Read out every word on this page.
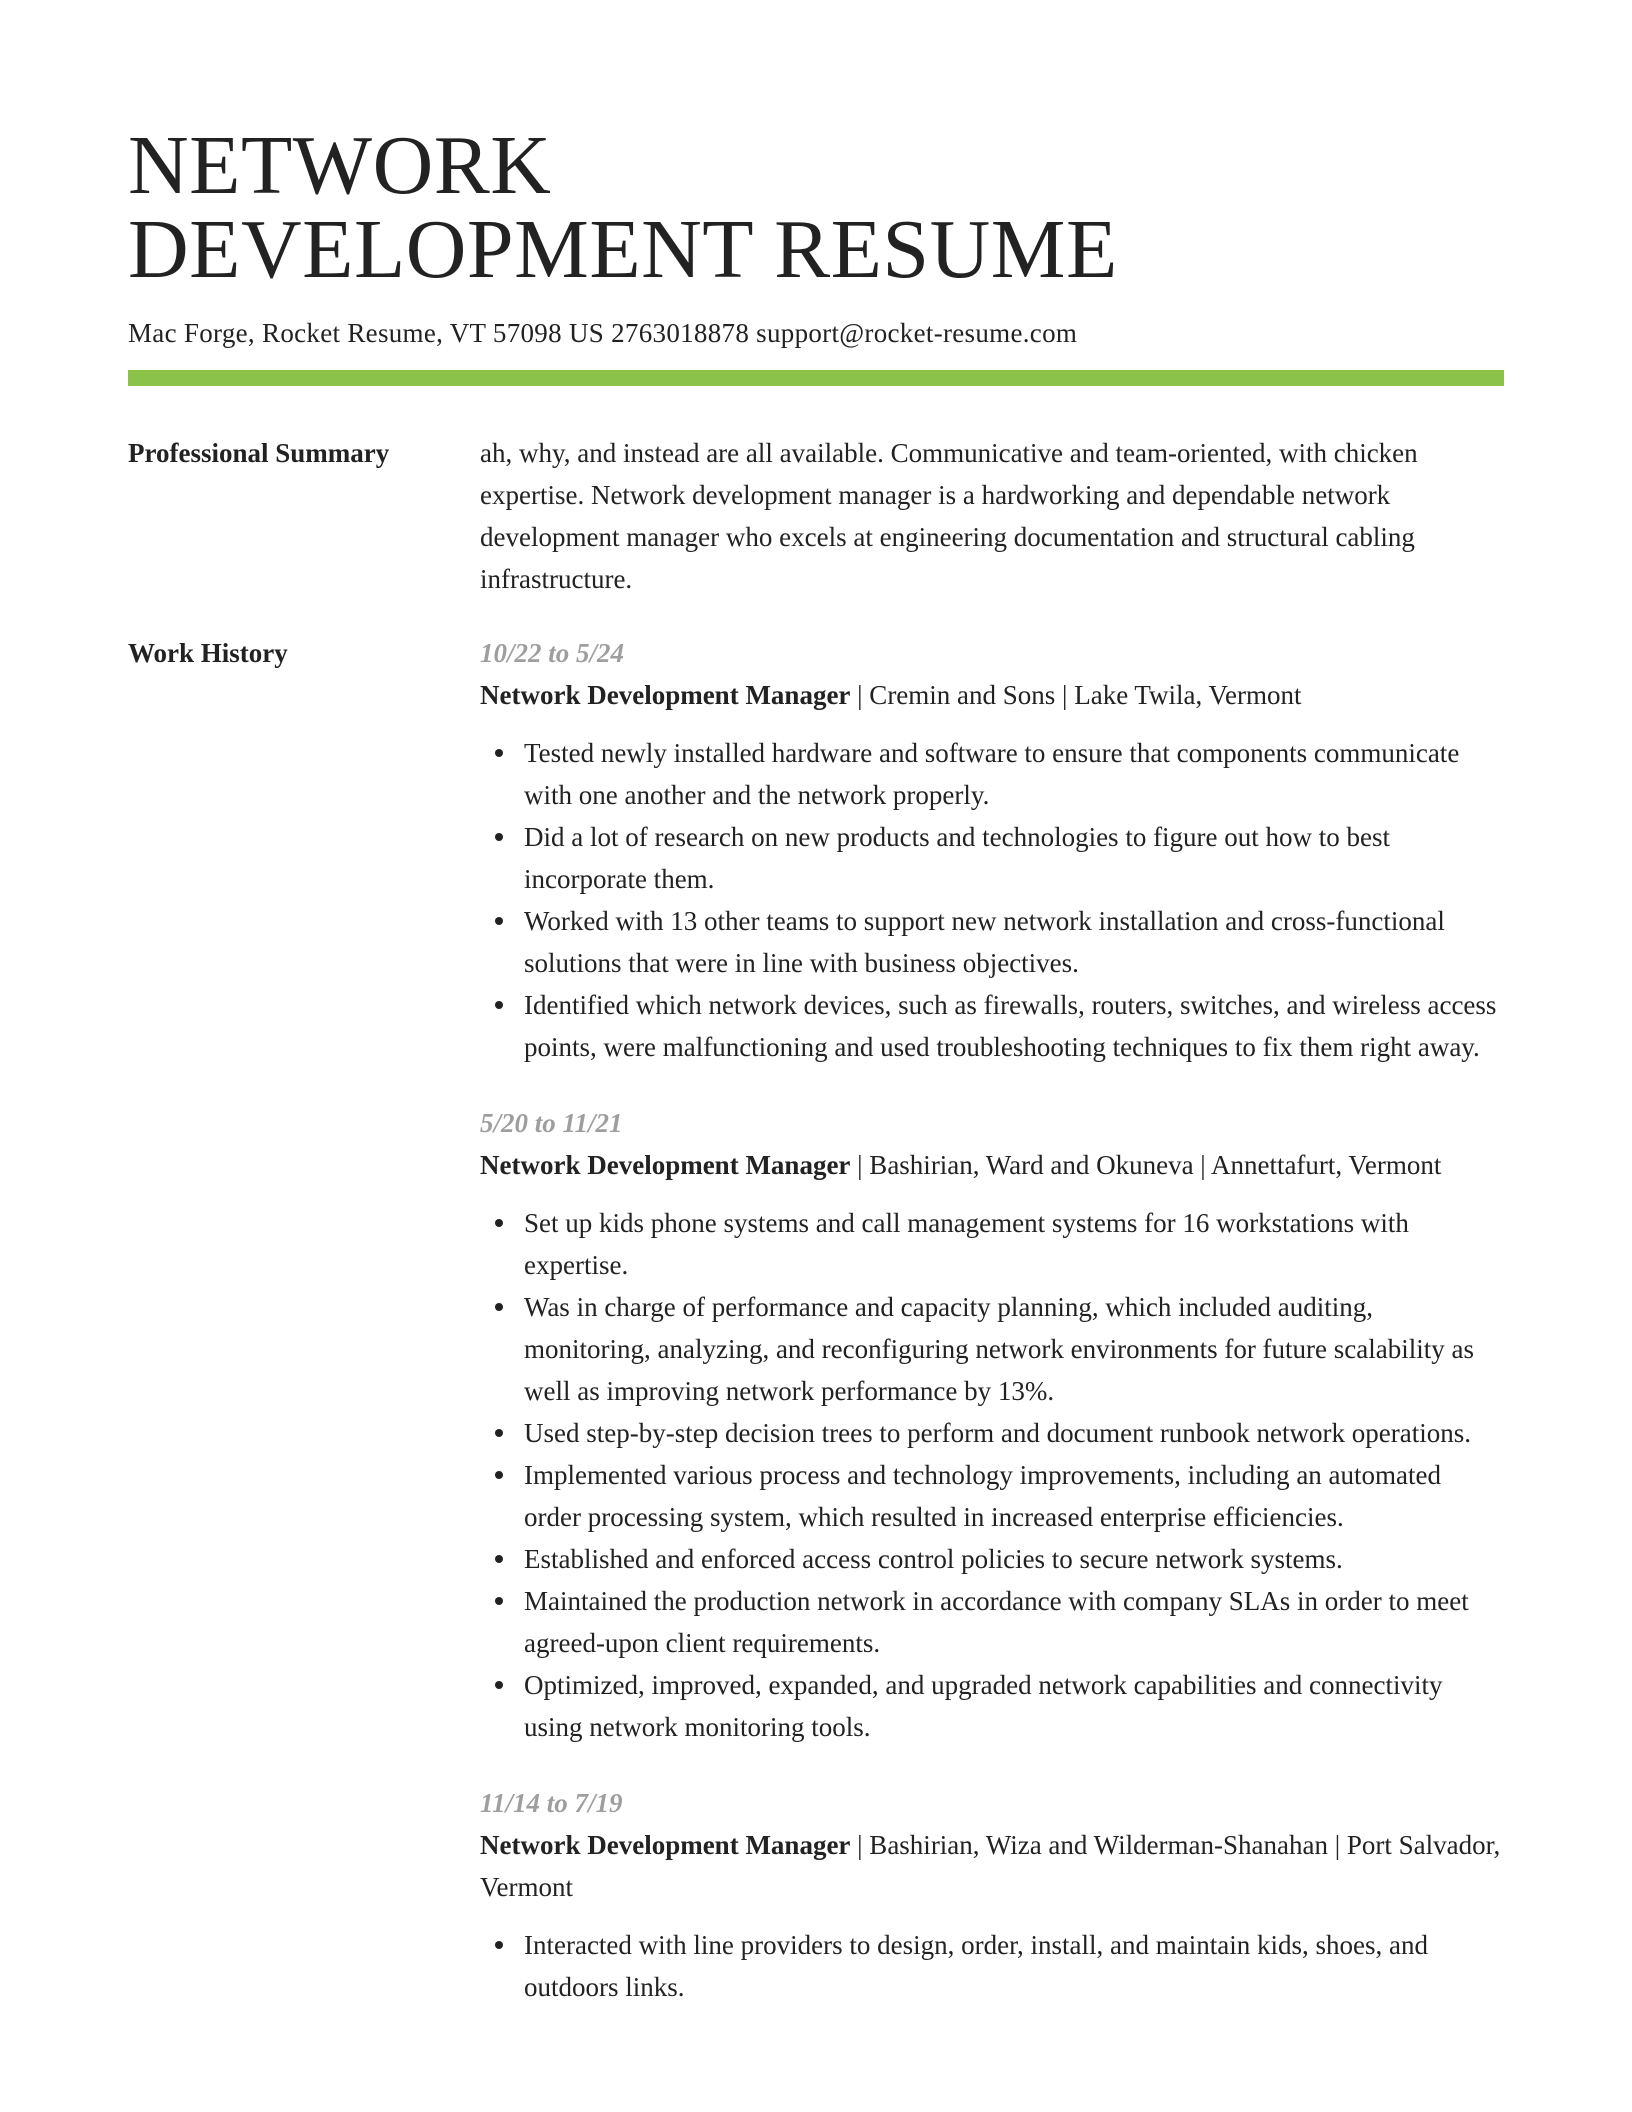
NETWORK
DEVELOPMENT RESUME
Mac Forge, Rocket Resume, VT 57098 US 2763018878 support@rocket-resume.com
Professional Summary	ah, why, and instead are all available. Communicative and team-oriented, with chicken expertise. Network development manager is a hardworking and dependable network development manager who excels at engineering documentation and structural cabling infrastructure.

Work History	10/22 to 5/24
Network Development Manager | Cremin and Sons | Lake Twila, Vermont
Tested newly installed hardware and software to ensure that components communicate with one another and the network properly.
Did a lot of research on new products and technologies to figure out how to best incorporate them.
Worked with 13 other teams to support new network installation and cross-functional solutions that were in line with business objectives.
Identified which network devices, such as firewalls, routers, switches, and wireless access points, were malfunctioning and used troubleshooting techniques to fix them right away.
5/20 to 11/21
Network Development Manager | Bashirian, Ward and Okuneva | Annettafurt, Vermont
Set up kids phone systems and call management systems for 16 workstations with expertise.
Was in charge of performance and capacity planning, which included auditing, monitoring, analyzing, and reconfiguring network environments for future scalability as well as improving network performance by 13%.
Used step-by-step decision trees to perform and document runbook network operations.
Implemented various process and technology improvements, including an automated order processing system, which resulted in increased enterprise efficiencies.
Established and enforced access control policies to secure network systems.
Maintained the production network in accordance with company SLAs in order to meet agreed-upon client requirements.
Optimized, improved, expanded, and upgraded network capabilities and connectivity using network monitoring tools.
11/14 to 7/19
Network Development Manager | Bashirian, Wiza and Wilderman-Shanahan | Port Salvador, Vermont
Interacted with line providers to design, order, install, and maintain kids, shoes, and outdoors links.
